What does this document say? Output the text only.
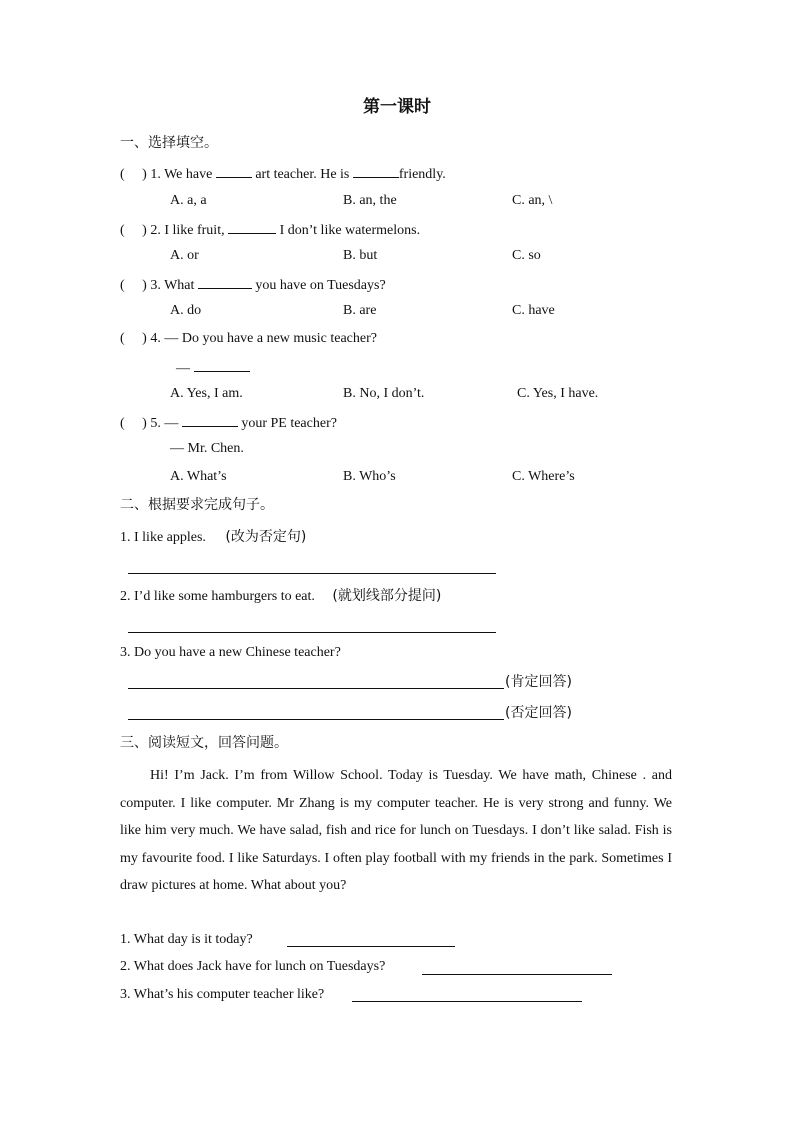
第一课时
一、选择填空。
(　 ) 1. We have	art teacher. He is	friendly.
A. a, a	B. an, the	C. an, \
(　 ) 2. I like fruit,	I don’t like watermelons.
A. or	B. but	C. so
(　 ) 3. What	you have on Tuesdays?
A. do	B. are	C. have
(　 ) 4. — Do you have a new music teacher?
—
A. Yes, I am.	B. No, I don’t.	C. Yes, I have.
(　 ) 5. —	your PE teacher?
— Mr. Chen.
A. What’s	B. Who’s	C. Where’s
二、根据要求完成句子。
1. I like apples. (改为否定句)
2. I’d like some hamburgers to eat. (就划线部分提问)
3. Do you have a new Chinese teacher?
(肯定回答)
(否定回答)
三、阅读短文，回答问题。
Hi! I’m Jack. I’m from Willow School. Today is Tuesday. We have math, Chinese . and computer. I like computer. Mr Zhang is my computer teacher. He is very strong and funny. We like him very much. We have salad, fish and rice for lunch on Tuesdays. I don’t like salad. Fish is my favourite food. I like Saturdays. I often play football with my friends in the park. Sometimes I draw pictures at home. What about you?
1. What day is it today?
2. What does Jack have for lunch on Tuesdays?
3. What’s his computer teacher like?
